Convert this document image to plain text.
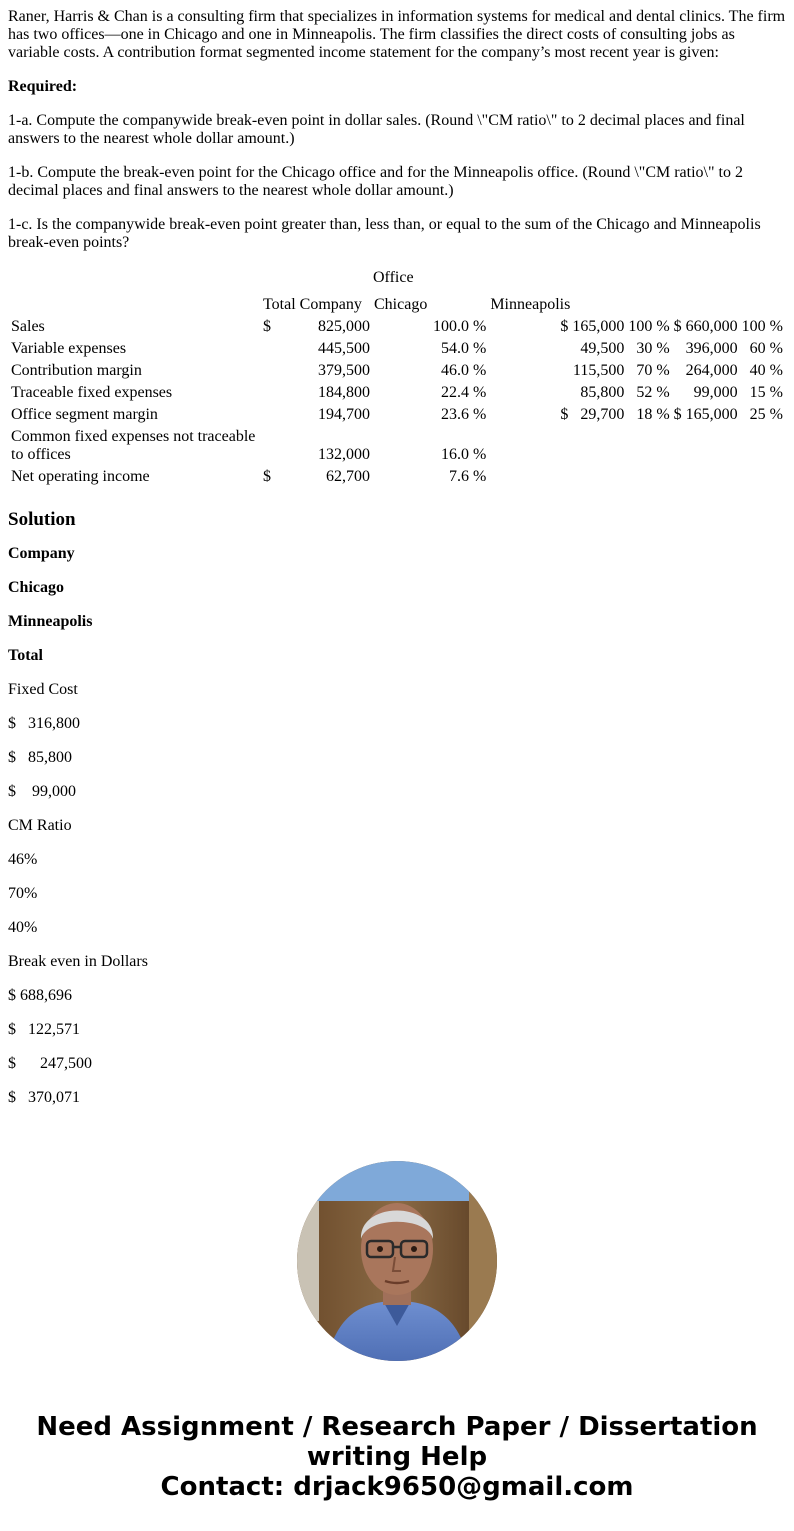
Raner, Harris & Chan is a consulting firm that specializes in information systems for medical and dental clinics. The firm has two offices—one in Chicago and one in Minneapolis. The firm classifies the direct costs of consulting jobs as variable costs. A contribution format segmented income statement for the company’s most recent year is given:

Required:

1-a. Compute the companywide break-even point in dollar sales. (Round \"CM ratio\" to 2 decimal places and final answers to the nearest whole dollar amount.)

1-b. Compute the break-even point for the Chicago office and for the Minneapolis office. (Round \"CM ratio\" to 2 decimal places and final answers to the nearest whole dollar amount.)

1-c. Is the companywide break-even point greater than, less than, or equal to the sum of the Chicago and Minneapolis break-even points?

			Office											
	Total Company		Chicago		Minneapolis									
Sales	$	825,000	100.0	%			$	165,000	100	%	$	660,000	100	%
Variable expenses		445,500	54.0	%				49,500	30	%		396,000	60	%
Contribution margin		379,500	46.0	%				115,500	70	%		264,000	40	%
Traceable fixed expenses		184,800	22.4	%				85,800	52	%		99,000	15	%
Office segment margin		194,700	23.6	%			$	29,700	18	%	$	165,000	25	%
Common fixed expenses not traceable to offices		132,000	16.0	%										
Net operating income	$	62,700	7.6	%										
Solution

Company

Chicago

Minneapolis

Total

Fixed Cost

$   316,800

$   85,800

$    99,000

CM Ratio

46%

70%

40%

Break even in Dollars

$ 688,696

$   122,571

$      247,500

$   370,071

Need Assignment / Research Paper / Dissertation
writing Help
Contact: drjack9650@gmail.com
